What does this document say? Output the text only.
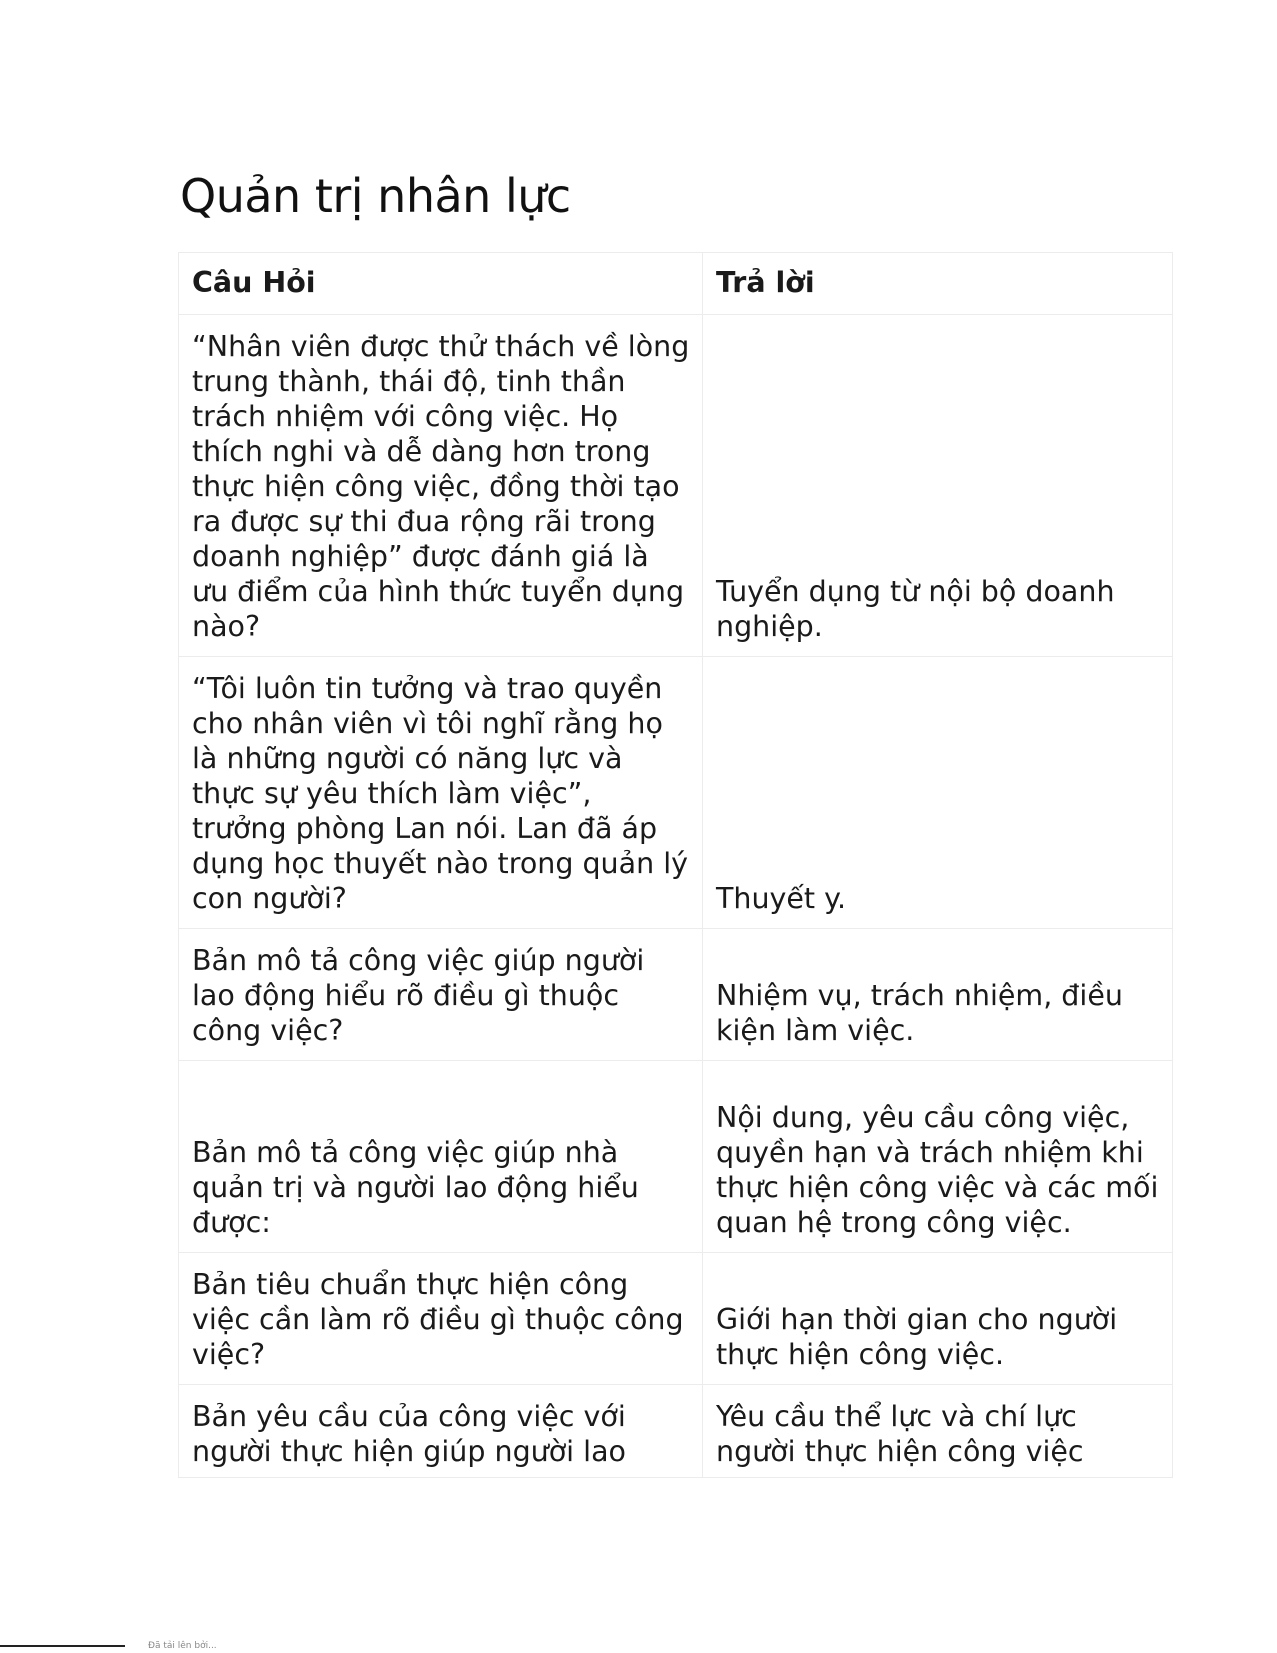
Quản trị nhân lực
Câu Hỏi	Trả lời
“Nhân viên được thử thách về lòng trung thành, thái độ, tinh thần trách nhiệm với công việc. Họ thích nghi và dễ dàng hơn trong thực hiện công việc, đồng thời tạo ra được sự thi đua rộng rãi trong doanh nghiệp” được đánh giá là ưu điểm của hình thức tuyển dụng nào?	Tuyển dụng từ nội bộ doanh nghiệp.
“Tôi luôn tin tưởng và trao quyền cho nhân viên vì tôi nghĩ rằng họ là những người có năng lực và thực sự yêu thích làm việc”, trưởng phòng Lan nói. Lan đã áp dụng học thuyết nào trong quản lý con người?	Thuyết y.
Bản mô tả công việc giúp người lao động hiểu rõ điều gì thuộc công việc?	Nhiệm vụ, trách nhiệm, điều kiện làm việc.
Bản mô tả công việc giúp nhà quản trị và người lao động hiểu được:	Nội dung, yêu cầu công việc, quyền hạn và trách nhiệm khi thực hiện công việc và các mối quan hệ trong công việc.
Bản tiêu chuẩn thực hiện công việc cần làm rõ điều gì thuộc công việc?	Giới hạn thời gian cho người thực hiện công việc.
Bản yêu cầu của công việc với người thực hiện giúp người lao	Yêu cầu thể lực và chí lực người thực hiện công việc
Đã tải lên bởi...
